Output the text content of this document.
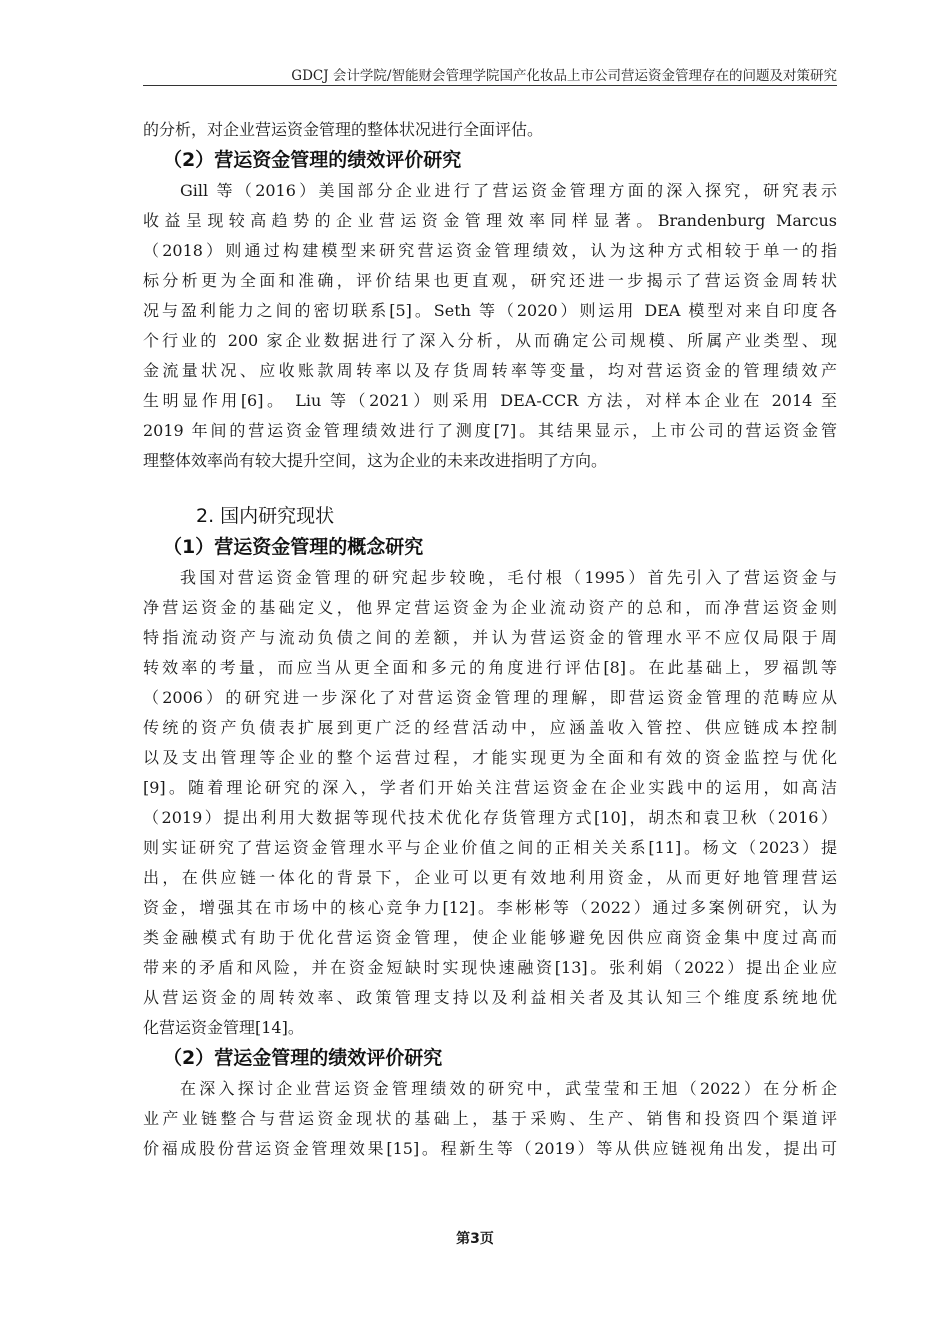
GDCJ 会计学院/智能财会管理学院国产化妆品上市公司营运资金管理存在的问题及对策研究
的分析，对企业营运资金管理的整体状况进行全面评估。
（2）营运资金管理的绩效评价研究
Gill 等（2016）美国部分企业进行了营运资金管理方面的深入探究，研究表示
收益呈现较高趋势的企业营运资金管理效率同样显著。Brandenburg Marcus
（2018）则通过构建模型来研究营运资金管理绩效，认为这种方式相较于单一的指
标分析更为全面和准确，评价结果也更直观，研究还进一步揭示了营运资金周转状
况与盈利能力之间的密切联系[5]。Seth 等（2020）则运用 DEA 模型对来自印度各
个行业的 200 家企业数据进行了深入分析，从而确定公司规模、所属产业类型、现
金流量状况、应收账款周转率以及存货周转率等变量，均对营运资金的管理绩效产
生明显作用[6]。 Liu 等（2021）则采用 DEA-CCR 方法，对样本企业在 2014 至
2019 年间的营运资金管理绩效进行了测度[7]。其结果显示，上市公司的营运资金管
理整体效率尚有较大提升空间，这为企业的未来改进指明了方向。
2. 国内研究现状
（1）营运资金管理的概念研究
我国对营运资金管理的研究起步较晚，毛付根（1995）首先引入了营运资金与
净营运资金的基础定义，他界定营运资金为企业流动资产的总和，而净营运资金则
特指流动资产与流动负债之间的差额，并认为营运资金的管理水平不应仅局限于周
转效率的考量，而应当从更全面和多元的角度进行评估[8]。在此基础上，罗福凯等
（2006）的研究进一步深化了对营运资金管理的理解，即营运资金管理的范畴应从
传统的资产负债表扩展到更广泛的经营活动中，应涵盖收入管控、供应链成本控制
以及支出管理等企业的整个运营过程，才能实现更为全面和有效的资金监控与优化
[9]。随着理论研究的深入，学者们开始关注营运资金在企业实践中的运用，如高洁
（2019）提出利用大数据等现代技术优化存货管理方式[10]，胡杰和袁卫秋（2016）
则实证研究了营运资金管理水平与企业价值之间的正相关关系[11]。杨文（2023）提
出，在供应链一体化的背景下，企业可以更有效地利用资金，从而更好地管理营运
资金，增强其在市场中的核心竞争力[12]。李彬彬等（2022）通过多案例研究，认为
类金融模式有助于优化营运资金管理，使企业能够避免因供应商资金集中度过高而
带来的矛盾和风险，并在资金短缺时实现快速融资[13]。张利娟（2022）提出企业应
从营运资金的周转效率、政策管理支持以及利益相关者及其认知三个维度系统地优
化营运资金管理[14]。
（2）营运金管理的绩效评价研究
在深入探讨企业营运资金管理绩效的研究中，武莹莹和王旭（2022）在分析企
业产业链整合与营运资金现状的基础上，基于采购、生产、销售和投资四个渠道评
价福成股份营运资金管理效果[15]。程新生等（2019）等从供应链视角出发，提出可
第3页
